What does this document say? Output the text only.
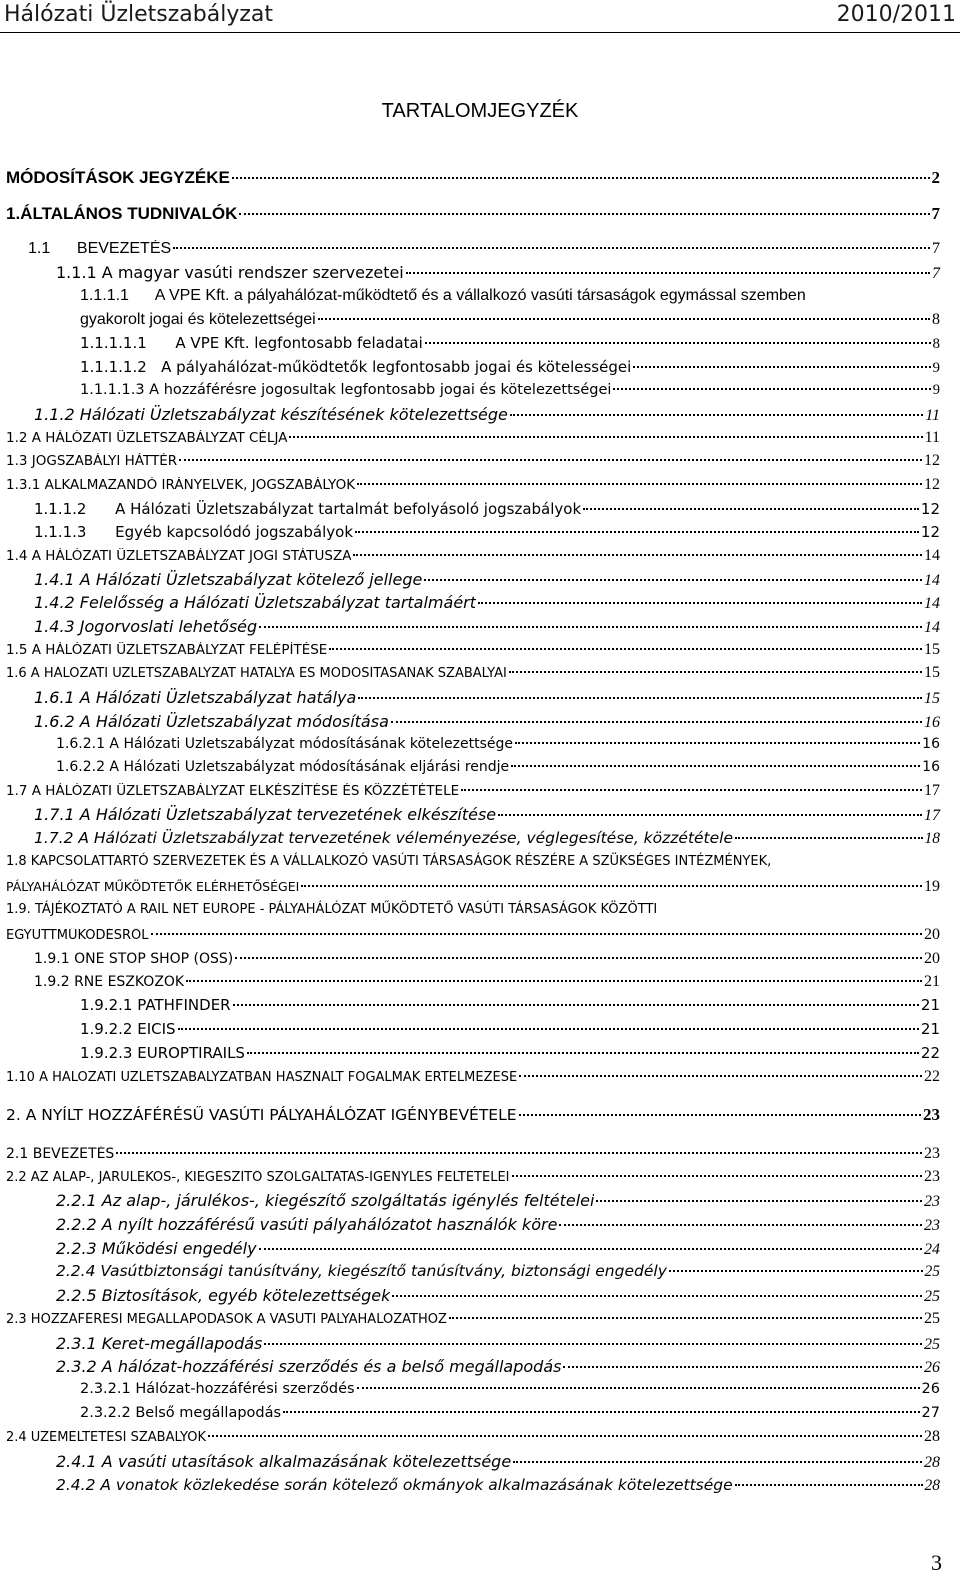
Hálózati Üzletszabályzat	2010/2011
TARTALOMJEGYZÉK
MÓDOSÍTÁSOK JEGYZÉKE	2
1.ÁLTALÁNOS TUDNIVALÓK	7
1.1      BEVEZETÉS	7
1.1.1 A magyar vasúti rendszer szervezetei	7
1.1.1.1      A VPE Kft. a pályahálózat-működtető és a vállalkozó vasúti társaságok egymással szemben
gyakorolt jogai és kötelezettségei	8
1.1.1.1.1      A VPE Kft. legfontosabb feladatai	8
1.1.1.1.2   A pályahálózat-működtetők legfontosabb jogai és kötelességei	9
1.1.1.1.3 A hozzáférésre jogosultak legfontosabb jogai és kötelezettségei	9
1.1.2 Hálózati Üzletszabályzat készítésének kötelezettsége	11
1.2 A HÁLÓZATI ÜZLETSZABÁLYZAT CÉLJA	11
1.3 JOGSZABÁLYI HÁTTÉR	12
1.3.1 ALKALMAZANDÓ IRÁNYELVEK, JOGSZABÁLYOK	12
1.1.1.2      A Hálózati Üzletszabályzat tartalmát befolyásoló jogszabályok	12
1.1.1.3      Egyéb kapcsolódó jogszabályok	12
1.4 A HÁLÓZATI ÜZLETSZABÁLYZAT JOGI STÁTUSZA	14
1.4.1 A Hálózati Üzletszabályzat kötelező jellege	14
1.4.2 Felelősség a Hálózati Üzletszabályzat tartalmáért	14
1.4.3 Jogorvoslati lehetőség	14
1.5 A HÁLÓZATI ÜZLETSZABÁLYZAT FELÉPÍTÉSE	15
1.6 A HÁLÓZATI ÜZLETSZABÁLYZAT HATÁLYA ÉS MÓDOSÍTÁSÁNAK SZABÁLYAI	15
1.6.1 A Hálózati Üzletszabályzat hatálya	15
1.6.2 A Hálózati Üzletszabályzat módosítása	16
1.6.2.1 A Hálózati Üzletszabályzat módosításának kötelezettsége	16
1.6.2.2 A Hálózati Üzletszabályzat módosításának eljárási rendje	16
1.7 A HÁLÓZATI ÜZLETSZABÁLYZAT ELKÉSZÍTÉSE ÉS KÖZZÉTÉTELE	17
1.7.1 A Hálózati Üzletszabályzat tervezetének elkészítése	17
1.7.2 A Hálózati Üzletszabályzat tervezetének véleményezése, véglegesítése, közzététele	18
1.8 KAPCSOLATTARTÓ SZERVEZETEK ÉS A VÁLLALKOZÓ VASÚTI TÁRSASÁGOK RÉSZÉRE A SZÜKSÉGES INTÉZMÉNYEK,
PÁLYAHÁLÓZAT MŰKÖDTETŐK ELÉRHETŐSÉGEI	19
1.9. TÁJÉKOZTATÓ A RAIL NET EUROPE - PÁLYAHÁLÓZAT MŰKÖDTETŐ VASÚTI TÁRSASÁGOK KÖZÖTTI
EGYÜTTMŰKÖDÉSRŐL	20
1.9.1 ONE STOP SHOP (OSS)	20
1.9.2 RNE ESZKÖZÖK	21
1.9.2.1 PATHFINDER	21
1.9.2.2 EICIS	21
1.9.2.3 EUROPTIRAILS	22
1.10 A HÁLÓZATI ÜZLETSZABÁLYZATBAN HASZNÁLT FOGALMAK ÉRTELMEZÉSE	22
2. A NYÍLT HOZZÁFÉRÉSŰ VASÚTI PÁLYAHÁLÓZAT IGÉNYBEVÉTELE	23
2.1 BEVEZETÉS	23
2.2 AZ ALAP-, JÁRULÉKOS-, KIEGÉSZÍTŐ SZOLGÁLTATÁS-IGÉNYLÉS FELTÉTELEI	23
2.2.1 Az alap-, járulékos-, kiegészítő szolgáltatás igénylés feltételei	23
2.2.2 A nyílt hozzáférésű vasúti pályahálózatot használók köre	23
2.2.3 Működési engedély	24
2.2.4 Vasútbiztonsági tanúsítvány, kiegészítő tanúsítvány, biztonsági engedély	25
2.2.5 Biztosítások, egyéb kötelezettségek	25
2.3 HOZZÁFÉRÉSI MEGÁLLAPODÁSOK A VASÚTI PÁLYAHÁLÓZATHOZ	25
2.3.1 Keret-megállapodás	25
2.3.2 A hálózat-hozzáférési szerződés és a belső megállapodás	26
2.3.2.1 Hálózat-hozzáférési szerződés	26
2.3.2.2 Belső megállapodás	27
2.4 ÜZEMELTETÉSI SZABÁLYOK	28
2.4.1 A vasúti utasítások alkalmazásának kötelezettsége	28
2.4.2 A vonatok közlekedése során kötelező okmányok alkalmazásának kötelezettsége	28
3
